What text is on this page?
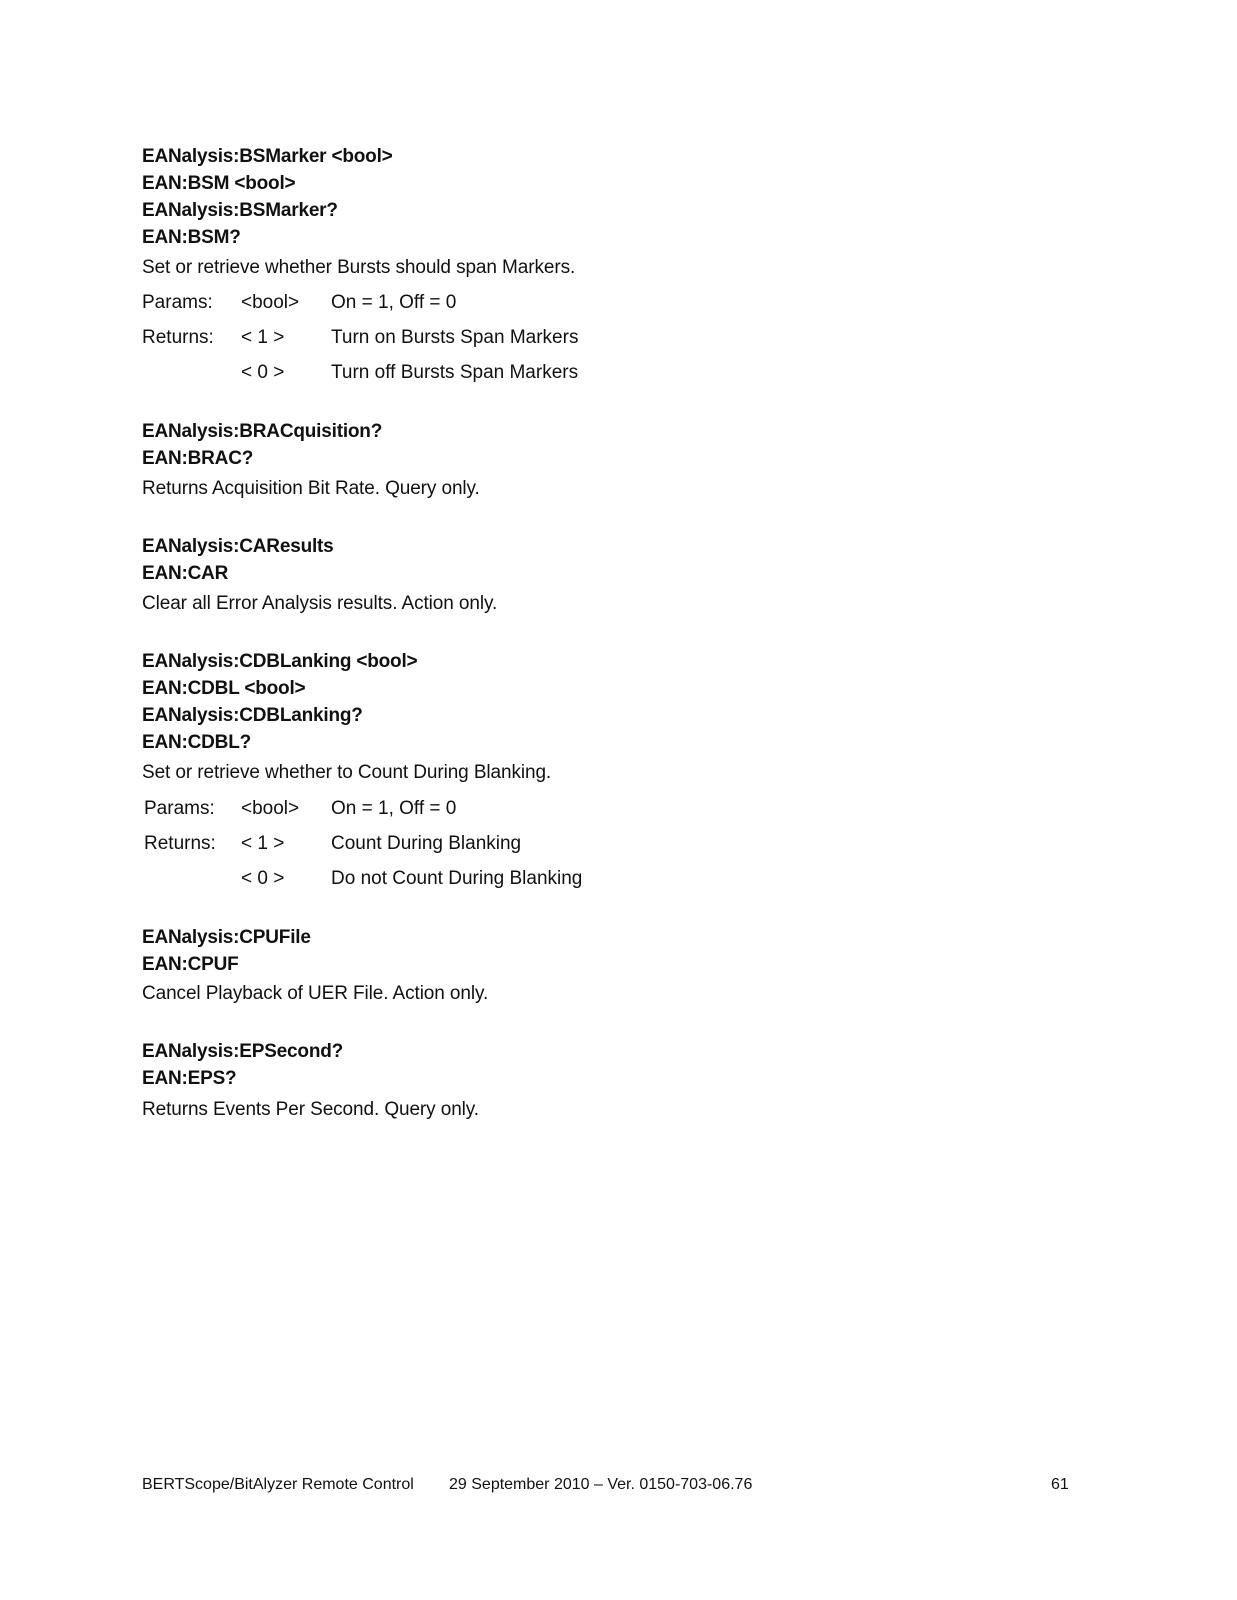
EANalysis:BSMarker <bool>
EAN:BSM <bool>
EANalysis:BSMarker?
EAN:BSM?
Set or retrieve whether Bursts should span Markers.
Params: <bool> On = 1, Off = 0
Returns: < 1 > Turn on Bursts Span Markers
< 0 > Turn off Bursts Span Markers
EANalysis:BRACquisition?
EAN:BRAC?
Returns Acquisition Bit Rate. Query only.
EANalysis:CAResults
EAN:CAR
Clear all Error Analysis results. Action only.
EANalysis:CDBLanking <bool>
EAN:CDBL <bool>
EANalysis:CDBLanking?
EAN:CDBL?
Set or retrieve whether to Count During Blanking.
Params: <bool> On = 1, Off = 0
Returns: < 1 > Count During Blanking
< 0 > Do not Count During Blanking
EANalysis:CPUFile
EAN:CPUF
Cancel Playback of UER File. Action only.
EANalysis:EPSecond?
EAN:EPS?
Returns Events Per Second. Query only.
BERTScope/BitAlyzer Remote Control 29 September 2010 – Ver. 0150-703-06.76	61
